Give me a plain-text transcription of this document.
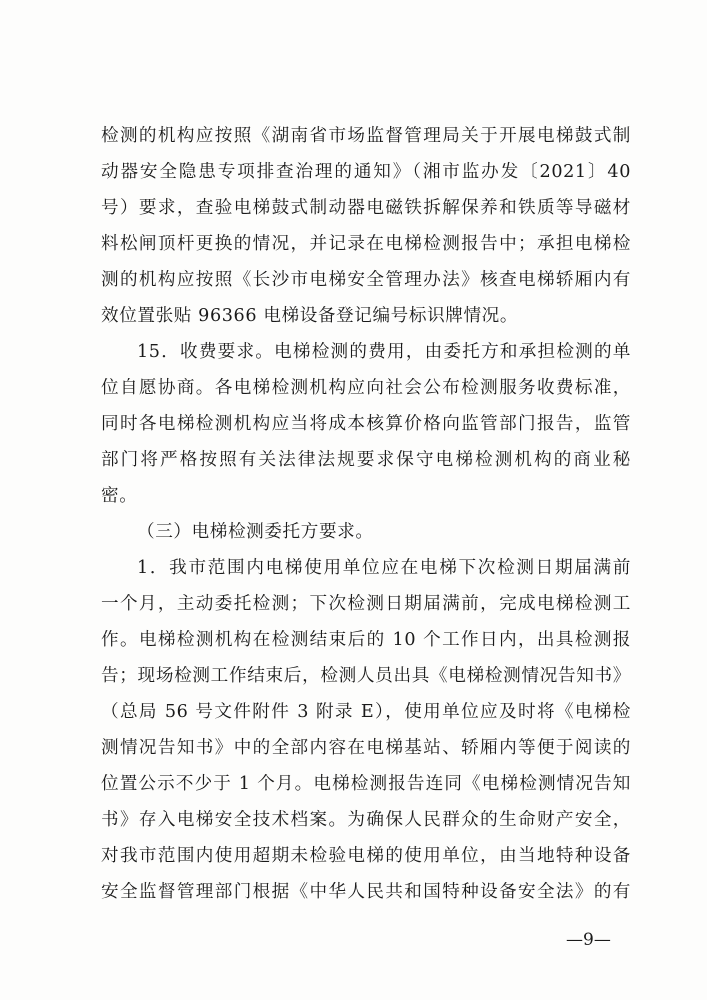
检测的机构应按照《湖南省市场监督管理局关于开展电梯鼓式制
动器安全隐患专项排查治理的通知》（湘市监办发〔2021〕40
号）要求，查验电梯鼓式制动器电磁铁拆解保养和铁质等导磁材
料松闸顶杆更换的情况，并记录在电梯检测报告中；承担电梯检
测的机构应按照《长沙市电梯安全管理办法》核查电梯轿厢内有
效位置张贴 96366 电梯设备登记编号标识牌情况。
15．收费要求。电梯检测的费用，由委托方和承担检测的单
位自愿协商。各电梯检测机构应向社会公布检测服务收费标准，
同时各电梯检测机构应当将成本核算价格向监管部门报告，监管
部门将严格按照有关法律法规要求保守电梯检测机构的商业秘
密。
（三）电梯检测委托方要求。
1．我市范围内电梯使用单位应在电梯下次检测日期届满前
一个月，主动委托检测；下次检测日期届满前，完成电梯检测工
作。电梯检测机构在检测结束后的 10 个工作日内，出具检测报
告；现场检测工作结束后，检测人员出具《电梯检测情况告知书》
（总局 56 号文件附件 3 附录 E），使用单位应及时将《电梯检
测情况告知书》中的全部内容在电梯基站、轿厢内等便于阅读的
位置公示不少于 1 个月。电梯检测报告连同《电梯检测情况告知
书》存入电梯安全技术档案。为确保人民群众的生命财产安全，
对我市范围内使用超期未检验电梯的使用单位，由当地特种设备
安全监督管理部门根据《中华人民共和国特种设备安全法》的有
—9—
